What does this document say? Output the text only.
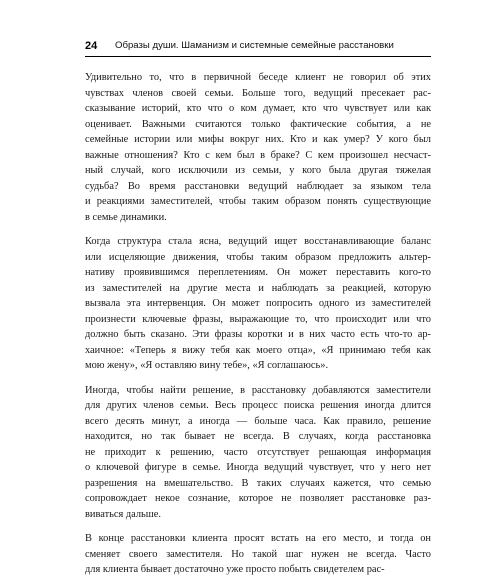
24 Образы души. Шаманизм и системные семейные расстановки
Удивительно то, что в первичной беседе клиент не говорил об этих
чувствах членов своей семьи. Больше того, ведущий пресекает рас-
сказывание историй, кто что о ком думает, кто что чувствует или как
оценивает. Важными считаются только фактические события, а не
семейные истории или мифы вокруг них. Кто и как умер? У кого был
важные отношения? Кто с кем был в браке? С кем произошел несчаст-
ный случай, кого исключили из семьи, у кого была другая тяжелая
судьба? Во время расстановки ведущий наблюдает за языком тела
и реакциями заместителей, чтобы таким образом понять существующие
в семье динамики.
Когда структура стала ясна, ведущий ищет восстанавливающие баланс
или исцеляющие движения, чтобы таким образом предложить альтер-
нативу проявившимся переплетениям. Он может переставить кого-то
из заместителей на другие места и наблюдать за реакцией, которую
вызвала эта интервенция. Он может попросить одного из заместителей
произнести ключевые фразы, выражающие то, что происходит или что
должно быть сказано. Эти фразы коротки и в них часто есть что-то ар-
хаичное: «Теперь я вижу тебя как моего отца», «Я принимаю тебя как
мою жену», «Я оставляю вину тебе», «Я соглашаюсь».
Иногда, чтобы найти решение, в расстановку добавляются заместители
для других членов семьи. Весь процесс поиска решения иногда длится
всего десять минут, а иногда — больше часа. Как правило, решение
находится, но так бывает не всегда. В случаях, когда расстановка
не приходит к решению, часто отсутствует решающая информация
о ключевой фигуре в семье. Иногда ведущий чувствует, что у него нет
разрешения на вмешательство. В таких случаях кажется, что семью
сопровождает некое сознание, которое не позволяет расстановке раз-
виваться дальше.
В конце расстановки клиента просят встать на его место, и тогда он
сменяет своего заместителя. Но такой шаг нужен не всегда. Часто
для клиента бывает достаточно уже просто побыть свидетелем рас-
